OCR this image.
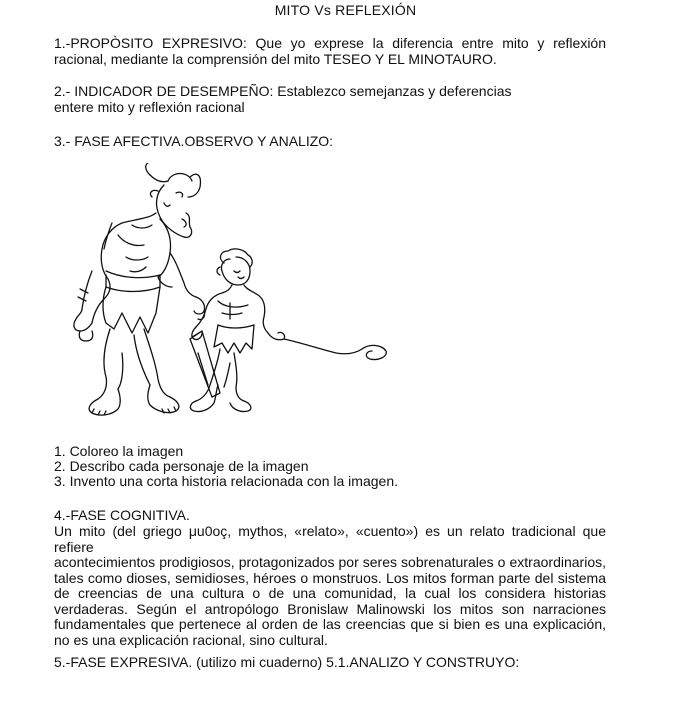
MITO Vs REFLEXIÓN

1.-PROPÒSITO EXPRESIVO: Que yo exprese la diferencia entre mito y reflexión
racional, mediante la comprensión del mito TESEO Y EL MINOTAURO.

2.- INDICADOR DE DESEMPEÑO: Establezco semejanzas y deferencias
entere mito y reflexión racional

3.- FASE AFECTIVA.OBSERVO Y ANALIZO:

1. Coloreo la imagen
2. Describo cada personaje de la imagen
3. Invento una corta historia relacionada con la imagen.

4.-FASE COGNITIVA.

Un mito (del griego μu0oç, mythos, «relato», «cuento») es un relato tradicional que refiere
acontecimientos prodigiosos, protagonizados por seres sobrenaturales o extraordinarios,
tales como dioses, semidioses, héroes o monstruos. Los mitos forman parte del sistema
de creencias de una cultura o de una comunidad, la cual los considera historias
verdaderas. Según el antropólogo Bronislaw Malinowski los mitos son narraciones
fundamentales que pertenece al orden de las creencias que si bien es una explicación,
no es una explicación racional, sino cultural.

5.-FASE EXPRESIVA. (utilizo mi cuaderno) 5.1.ANALIZO Y CONSTRUYO:
